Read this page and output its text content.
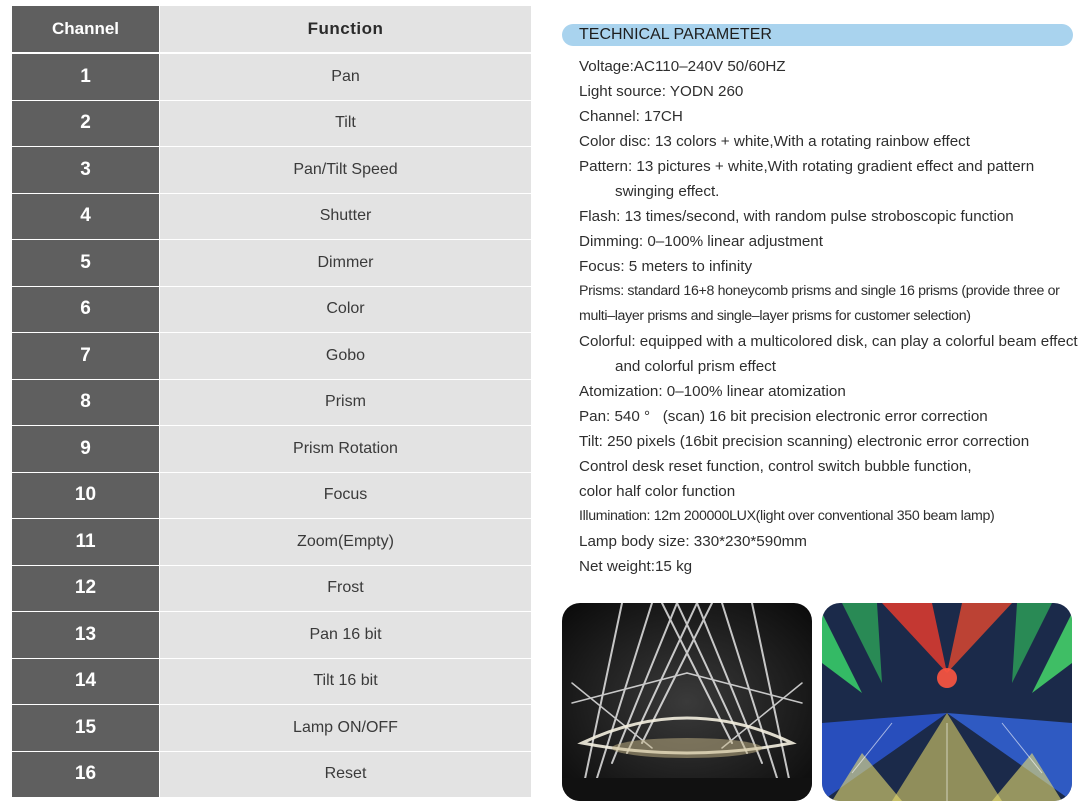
Channel	Function
1	Pan
2	Tilt
3	Pan/Tilt Speed
4	Shutter
5	Dimmer
6	Color
7	Gobo
8	Prism
9	Prism Rotation
10	Focus
11	Zoom(Empty)
12	Frost
13	Pan 16 bit
14	Tilt 16 bit
15	Lamp ON/OFF
16	Reset
TECHNICAL PARAMETER
Voltage:AC110–240V 50/60HZ
Light source: YODN 260
Channel: 17CH
Color disc: 13 colors + white,With a rotating rainbow effect
Pattern: 13 pictures + white,With rotating gradient effect and pattern swinging effect.
Flash: 13 times/second, with random pulse stroboscopic function
Dimming: 0–100% linear adjustment
Focus: 5 meters to infinity
Prisms: standard 16+8 honeycomb prisms and single 16 prisms (provide three or multi–layer prisms and single–layer prisms for customer selection)
Colorful: equipped with a multicolored disk, can play a colorful beam effect and colorful prism effect
Atomization: 0–100% linear atomization
Pan: 540 °   (scan) 16 bit precision electronic error correction
Tilt: 250 pixels (16bit precision scanning) electronic error correction
Control desk reset function, control switch bubble function,
color half color function
Illumination: 12m 200000LUX(light over conventional 350 beam lamp)
Lamp body size: 330*230*590mm
Net weight:15 kg
